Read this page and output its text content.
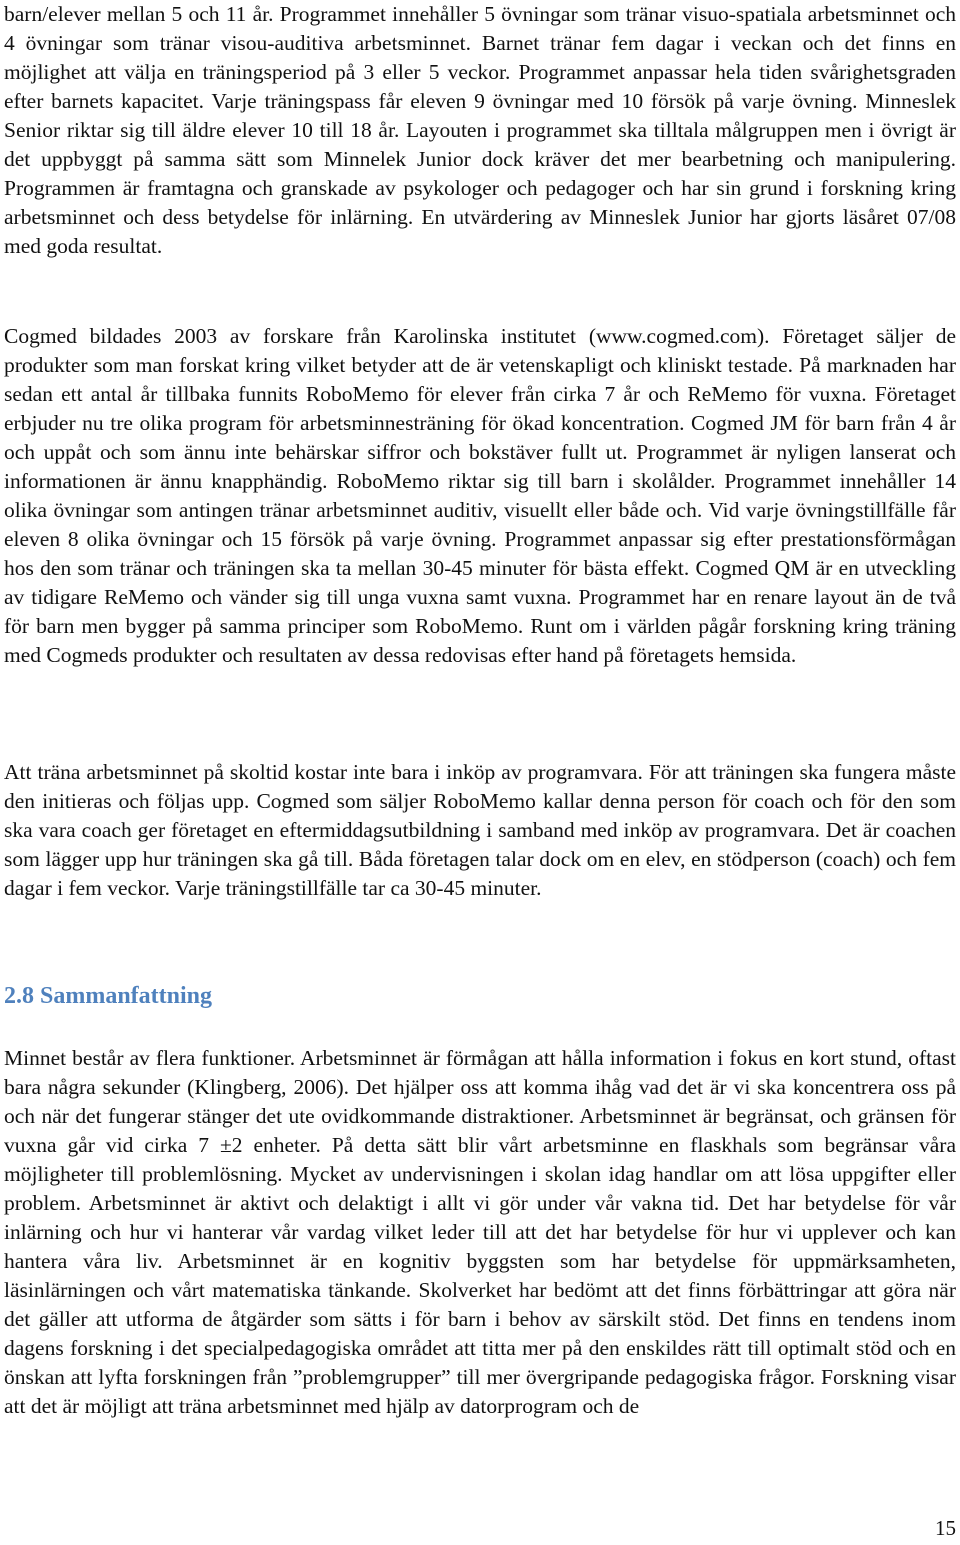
barn/elever mellan 5 och 11 år. Programmet innehåller 5 övningar som tränar visuo-spatiala arbetsminnet och 4 övningar som tränar visou-auditiva arbetsminnet. Barnet tränar fem dagar i veckan och det finns en möjlighet att välja en träningsperiod på 3 eller 5 veckor. Programmet anpassar hela tiden svårighetsgraden efter barnets kapacitet. Varje träningspass får eleven 9 övningar med 10 försök på varje övning. Minneslek Senior riktar sig till äldre elever 10 till 18 år. Layouten i programmet ska tilltala målgruppen men i övrigt är det uppbyggt på samma sätt som Minnelek Junior dock kräver det mer bearbetning och manipulering. Programmen är framtagna och granskade av psykologer och pedagoger och har sin grund i forskning kring arbetsminnet och dess betydelse för inlärning. En utvärdering av Minneslek Junior har gjorts läsåret 07/08 med goda resultat.

Cogmed bildades 2003 av forskare från Karolinska institutet (www.cogmed.com). Företaget säljer de produkter som man forskat kring vilket betyder att de är vetenskapligt och kliniskt testade. På marknaden har sedan ett antal år tillbaka funnits RoboMemo för elever från cirka 7 år och ReMemo för vuxna. Företaget erbjuder nu tre olika program för arbetsminnesträning för ökad koncentration. Cogmed JM för barn från 4 år och uppåt och som ännu inte behärskar siffror och bokstäver fullt ut. Programmet är nyligen lanserat och informationen är ännu knapphändig. RoboMemo riktar sig till barn i skolålder. Programmet innehåller 14 olika övningar som antingen tränar arbetsminnet auditiv, visuellt eller både och. Vid varje övningstillfälle får eleven 8 olika övningar och 15 försök på varje övning. Programmet anpassar sig efter prestationsförmågan hos den som tränar och träningen ska ta mellan 30-45 minuter för bästa effekt. Cogmed QM är en utveckling av tidigare ReMemo och vänder sig till unga vuxna samt vuxna. Programmet har en renare layout än de två för barn men bygger på samma principer som RoboMemo. Runt om i världen pågår forskning kring träning med Cogmeds produkter och resultaten av dessa redovisas efter hand på företagets hemsida.

Att träna arbetsminnet på skoltid kostar inte bara i inköp av programvara. För att träningen ska fungera måste den initieras och följas upp. Cogmed som säljer RoboMemo kallar denna person för coach och för den som ska vara coach ger företaget en eftermiddagsutbildning i samband med inköp av programvara. Det är coachen som lägger upp hur träningen ska gå till. Båda företagen talar dock om en elev, en stödperson (coach) och fem dagar i fem veckor. Varje träningstillfälle tar ca 30-45 minuter.

2.8 Sammanfattning

Minnet består av flera funktioner. Arbetsminnet är förmågan att hålla information i fokus en kort stund, oftast bara några sekunder (Klingberg, 2006). Det hjälper oss att komma ihåg vad det är vi ska koncentrera oss på och när det fungerar stänger det ute ovidkommande distraktioner. Arbetsminnet är begränsat, och gränsen för vuxna går vid cirka 7 ±2 enheter. På detta sätt blir vårt arbetsminne en flaskhals som begränsar våra möjligheter till problemlösning. Mycket av undervisningen i skolan idag handlar om att lösa uppgifter eller problem. Arbetsminnet är aktivt och delaktigt i allt vi gör under vår vakna tid. Det har betydelse för vår inlärning och hur vi hanterar vår vardag vilket leder till att det har betydelse för hur vi upplever och kan hantera våra liv. Arbetsminnet är en kognitiv byggsten som har betydelse för uppmärksamheten, läsinlärningen och vårt matematiska tänkande. Skolverket har bedömt att det finns förbättringar att göra när det gäller att utforma de åtgärder som sätts i för barn i behov av särskilt stöd. Det finns en tendens inom dagens forskning i det specialpedagogiska området att titta mer på den enskildes rätt till optimalt stöd och en önskan att lyfta forskningen från ”problemgrupper” till mer övergripande pedagogiska frågor. Forskning visar att det är möjligt att träna arbetsminnet med hjälp av datorprogram och de

15
